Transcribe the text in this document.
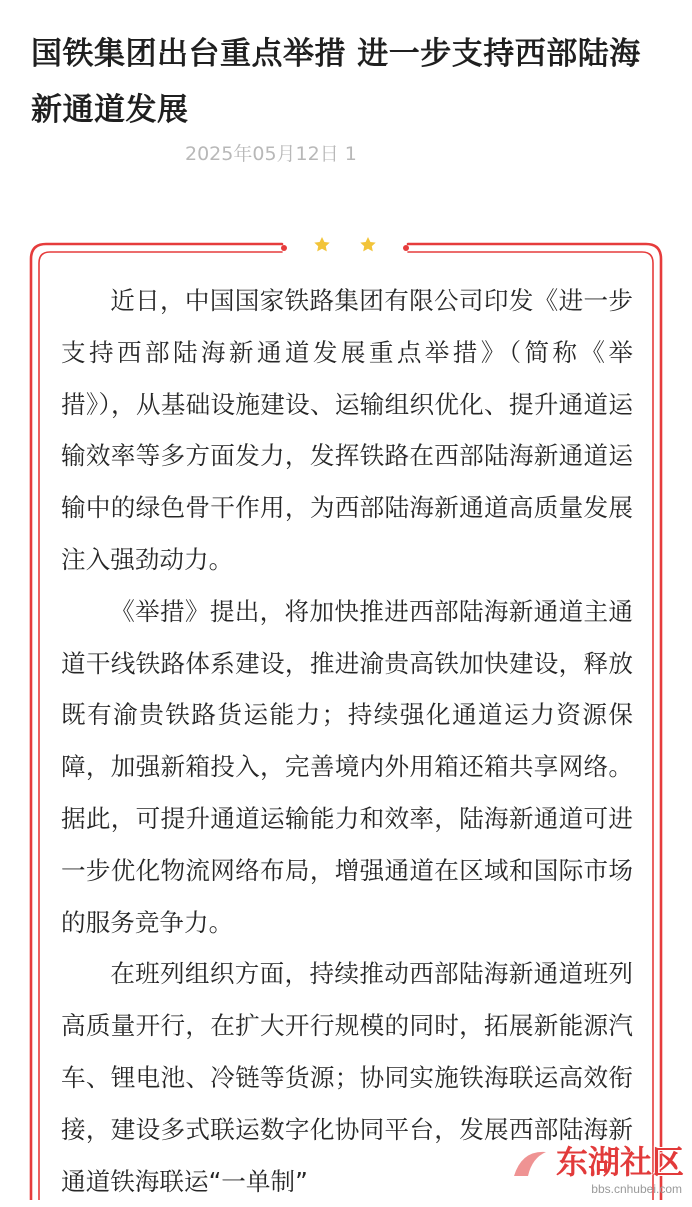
国铁集团出台重点举措 进一步支持西部陆海新通道发展
2025年05月12日 1

近日，中国国家铁路集团有限公司印发《进一步支持西部陆海新通道发展重点举措》（简称《举措》），从基础设施建设、运输组织优化、提升通道运输效率等多方面发力，发挥铁路在西部陆海新通道运输中的绿色骨干作用，为西部陆海新通道高质量发展注入强劲动力。

《举措》提出，将加快推进西部陆海新通道主通道干线铁路体系建设，推进渝贵高铁加快建设，释放既有渝贵铁路货运能力；持续强化通道运力资源保障，加强新箱投入，完善境内外用箱还箱共享网络。据此，可提升通道运输能力和效率，陆海新通道可进一步优化物流网络布局，增强通道在区域和国际市场的服务竞争力。

在班列组织方面，持续推动西部陆海新通道班列高质量开行，在扩大开行规模的同时，拓展新能源汽车、锂电池、冷链等货源；协同实施铁海联运高效衔接，建设多式联运数字化协同平台，发展西部陆海新通道铁海联运“一单制”

东湖社区
bbs.cnhubei.com
